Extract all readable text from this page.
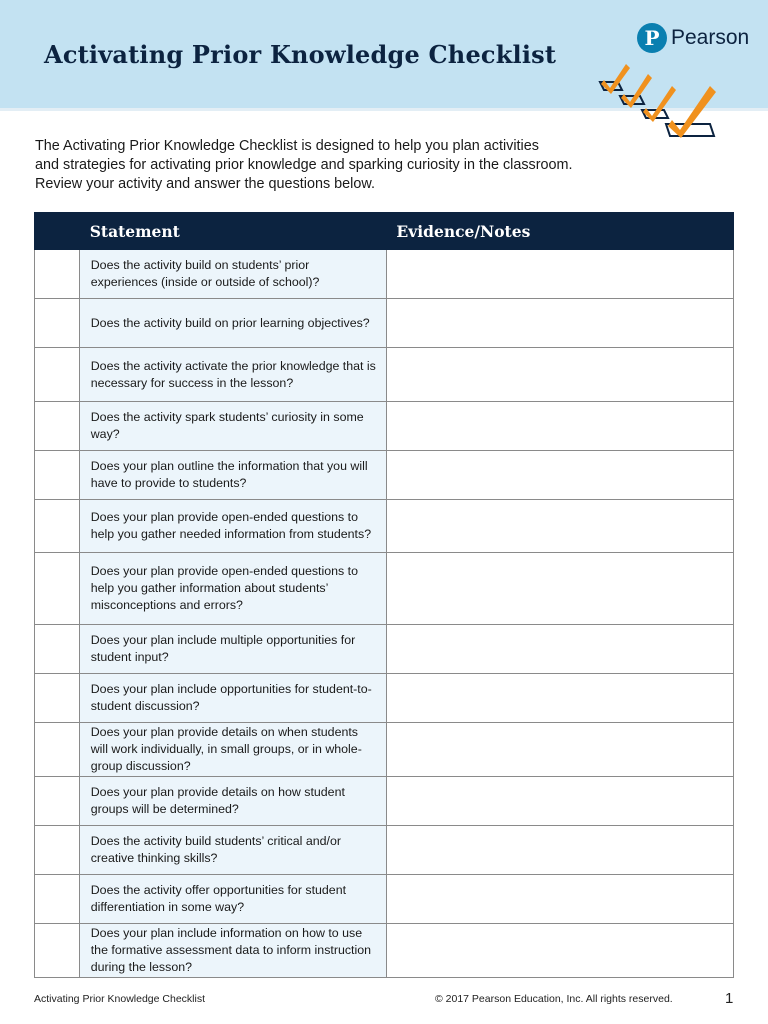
Activating Prior Knowledge Checklist
P Pearson

The Activating Prior Knowledge Checklist is designed to help you plan activities

and strategies for activating prior knowledge and sparking curiosity in the classroom.

Review your activity and answer the questions below.

	Statement	Evidence/Notes
	Does the activity build on students’ prior experiences (inside or outside of school)?	
	Does the activity build on prior learning objectives?	
	Does the activity activate the prior knowledge that is necessary for success in the lesson?	
	Does the activity spark students’ curiosity in some way?	
	Does your plan outline the information that you will have to provide to students?	
	Does your plan provide open-ended questions to help you gather needed information from students?	
	Does your plan provide open-ended questions to help you gather information about students’ misconceptions and errors?	
	Does your plan include multiple opportunities for student input?	
	Does your plan include opportunities for student-to-student discussion?	
	Does your plan provide details on when students will work individually, in small groups, or in whole-group discussion?	
	Does your plan provide details on how student groups will be determined?	
	Does the activity build students’ critical and/or creative thinking skills?	
	Does the activity offer opportunities for student differentiation in some way?	
	Does your plan include information on how to use the formative assessment data to inform instruction during the lesson?	
Activating Prior Knowledge Checklist	© 2017 Pearson Education, Inc. All rights reserved.	1
